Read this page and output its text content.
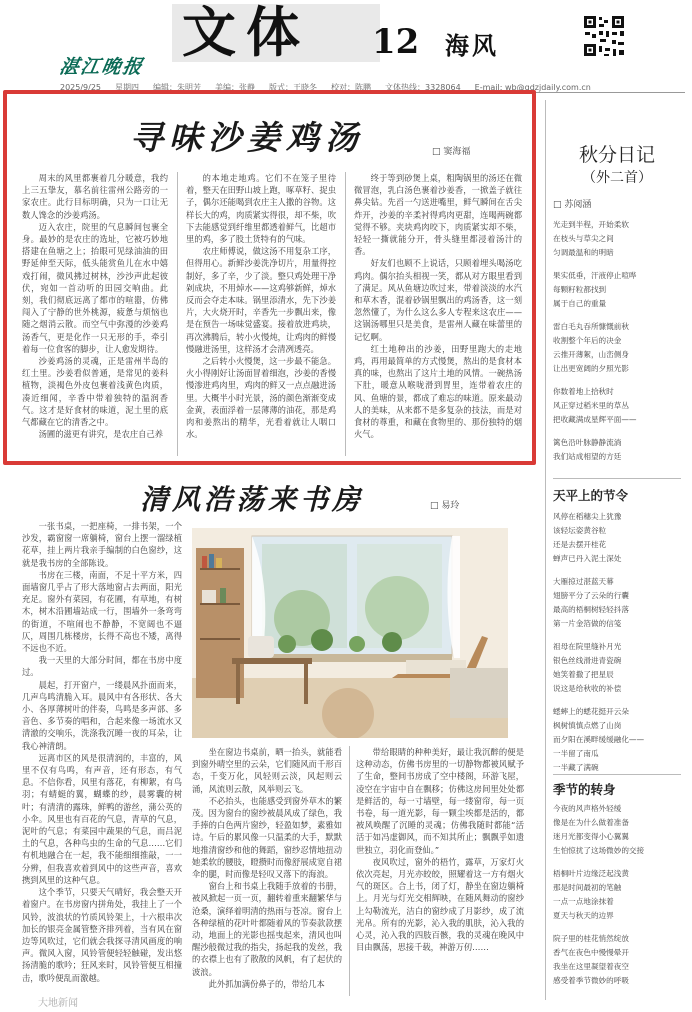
文体 12 海风
湛江晚报
2025/9/25 星期四 编辑：朱明芳 美编：张静 版式：王晓冬 校对：陈鹏 文体热线：3328064 E-mail: wb@gdzjdaily.com.cn
寻味沙姜鸡汤	□ 窦海福

周末的风里都裹着几分暖意，我约上三五挚友，慕名前往雷州公路旁的一家农庄。此行目标明确，只为一口让无数人馋念的沙姜鸡汤。

迈入农庄，院里的气息瞬间包裹全身。最妙的是农庄的选址，它被巧妙地搭建在鱼塘之上；抬眼可见绿油油的田野延伸至天际，低头能赏鱼儿在水中嬉戏打闹，微风拂过树林，沙沙声此起彼伏，宛如一首动听的田园交响曲。此刻，我们彻底远离了都市的喧嚣，仿佛闯入了宁静的世外桃源，疲惫与烦恼也随之烟消云散。而空气中弥漫的沙姜鸡汤香气，更是化作一只无形的手，牵引着每一位食客的脚步，让人愈发期待。

沙姜鸡汤的灵魂，正是雷州半岛的红土里。沙姜看似普通，是常见的姜科植物，淡褐色外皮包裹着浅黄色肉质，凑近细闻，辛香中带着独特的温润香气。这才是好食材的味道，泥土里的底气都藏在它的清香之中。

汤圃的滋更有讲究，是农庄自己养

的本地走地鸡。它们不在笼子里待着，整天在田野山坡上跑，啄草籽、捉虫子，偶尔还能喝到农庄主人撒的谷物。这样长大的鸡，肉质紧实得很，却不柴，吹下去能感觉到纤维里都透着鲜气，比超市里的鸡，多了股土货特有的气味。

农庄师傅说，做这汤不用复杂工序，但得用心。新鲜沙姜洗净切片，用量得控制好，多了辛，少了淡。整只鸡处理干净剁成块，不用焯水——这鸡够新鲜，焯水反而会夺走本味。锅里添清水，先下沙姜片，大火烧开时，辛香先一步飘出来，像是在预告一场味觉盛宴。接着放进鸡块，再次沸腾后，转小火慢炖，让鸡肉的鲜慢慢融进汤里，这样汤才会清冽透亮。

之后转小火慢煲，这一步最不能急。火小得刚好让汤面冒着细泡，沙姜的香慢慢渗进鸡肉里，鸡肉的鲜又一点点融进汤里。大概半小时光景，汤的颜色渐渐变成金黄，表面浮着一层薄薄的油花，那是鸡肉和姜熬出的精华，光看着就让人咽口水。

终于等到砂煲上桌，粗陶锅里的汤还在微微冒泡，乳白汤色裹着沙姜香，一掀盖子就往鼻尖钻。先舀一勺送进嘴里，鲜气瞬间在舌尖炸开，沙姜的辛柔衬得鸡肉更甜，连喝两碗都觉得不够。夹块鸡肉咬下，肉质紧实却不柴，轻轻一撕就能分开，骨头缝里都浸着汤汁的香。

好友们也顾不上说话，只顾着埋头喝汤吃鸡肉。偶尔抬头相视一笑，都从对方眼里看到了满足。风从鱼塘边吹过来，带着淡淡的水汽和草木香，混着砂锅里飘出的鸡汤香，这一刻忽然懂了，为什么这么多人专程来这农庄——这锅汤哪里只是美食，是雷州人藏在味蕾里的记忆啊。

红土地种出的沙姜，田野里跑大的走地鸡，再用最简单的方式慢煲，熬出的是食材本真的味，也熬出了这片土地的风情。一碗热汤下肚，暖意从喉咙滑到胃里，连带着农庄的风、鱼塘的景，都成了难忘的味道。原来最动人的美味，从来都不是多复杂的技法，而是对食材的尊重，和藏在食物里的、那份独特的烟火气。

秋分日记
（外二首）
□ 苏阅涵
光走到半程，开始柔软
在枝头与草尖之间
匀调最温和的明暗
果实低垂，汗液停止喧哗
每颗籽粒都找到
属于自己的重量
雷白毛丸吞所慷慨前秋
收割整个年后的决金
云推开薄絮，山峦侧身
让出更宽阔的夕照光影
你数着地上拾秋时
风正穿过稻米里的草丛
把收藏满成星辉平面——
篱色沿叶脉静静流淌
我们站成相望的方廷
天平上的节令
风停在稻穗尖上犹豫
该轻坛姿黄谷粒
还是去摆开桂花
蝉声已丹入泥土深处
大雁掠过湛蓝天幕
翅膀平分了云朵的行囊
最高的梧桐树轻轻抖落
第一片金箔做的信笺
祖母在院里缝补月光
银色丝线滑进青瓷碗
她笑着撒了把星辰
说这是给秋收的补偿
蟋蟀上的蟋花挺开云朵
枫树慎慎点燃了山岗
而夕阳在溪畔缓缓融化——
一半留了南瓜
一半藏了满碗
季节的转身
今夜的风声格外轻缓
像是在为什么做着准备
迷月光都变得小心翼翼
生怕惊扰了这场微妙的交接
梧桐叶片边缘泛起浅黄
那是时间最初的笔触
一点一点地涂抹着
夏天与秋天的边界
院子里的桂花悄然绽放
香气在夜色中慢慢晕开
我坐在这里凝望着夜空
感受着季节微妙的呼吸
清风浩荡来书房	□ 易玲

一张书桌，一把座椅，一排书架，一个沙发，霸窗窗一席躺椅，窗台上摆一溜绿植花草，挂上两片我亲手编制的白色窗纱，这就是我书房的全部陈设。

书房在三楼，南面，不足十平方米，四面墙窗几乎占了形大落地窗占去两面，阳光充足。窗外有菜园，有花圃，有草地，有树木，树木沿圃墙站成一行，围墙外一条弯弯的街道，不喧闹也不静静，不宽阔也不逼仄，周围几栋楼房，长得不高也不矮，离得不远也不近。

我一天里的大部分时间，都在书房中度过。

晨起，打开窗户，一缕晨风扑面而来，几声鸟鸣清脆入耳。晨风中有各形状、各大小、各厚薄树叶的伴奏，鸟鸣是多声部、多音色、多节奏的唱和，合起来像一场流水又清澈的交响乐，洗涤我沉睡一夜的耳朵，让我心神清朗。

远离市区的风是很清润的，丰富的，风里不仅有鸟鸣，有声音，还有形态，有气息。不信你看，风里有落花，有柳絮，有鸟羽；有蜻蜓的翼，蝴蝶的纱，晨雾囊的树叶；有清清的露珠，鲜鸭的游丝，蒲公英的小伞。风里也有百花的气息，青草的气息，泥叶的气息；有菜园中蔬果的气息，而吕泥土的气息，各种鸟虫的生命的气息……它们有机地融合在一起，我不能细细推敲，一一分辨，但我喜欢着到风中的这些声音，喜欢携到风里的这种气息。

这个季节，只要天气晴好，我会整天开着窗户。在书房窗内拼角处，我挂上了一个风铃，波浪状的竹质风铃架上，十六根串次加长的银亮金属管整齐排列着，当有风在窗边等风吹过，它们就会我探寻清风画度的响声。微风入窗，风铃管便轻轻触碰，发出悠扬清脆的歌吟；狂风来时，风铃管便互相撞击，歌吟便乱而激越。

坐在窗边书桌前，晒一抬头，就能看到窗外晴空里的云朵，它们随风而千形百态，千变万化，风轻则云淡，风起则云涌，风流则云散，风举则云飞。

不必抬头，也能感受到窗外草木的繁茂。因为窗台的窗纱被晨风成了绿色，我手捧的白色两片窗纱，轻盈如梦，素雅如诗。午后的累风像一只温柔的大手，默默地推清窗纱和他的舞蹈，窗纱忍情地扭动她柔软的腰肢，瞪攒时而像舒展成宽自裙伞的腿，时而像是轻叹又落下的海浪。

窗台上和书桌上我随手放着的书册，被风掀起一页一页，翻转着重来翻繁华与沧桑，演绎着明清的热雨与苍凉。窗台上各种绿植的花叶叶都随着风的节奏款款摆动，地面上的光影也摇曳起来，清风也叫醒沙般微过我的指尖，扬起我的发丝，我的衣襟上也有了散散的风帆，有了起伏的波浪。

此外抓加满份鼻子的，带给几本

带给眼睛的种种美好，最让我沉醉的便是这种动态，仿佛书房里的一切静物都被风赋予了生命，整间书房成了空中楼阁，环游飞屋，凌空在宇宙中自在飘移；仿佛这房间里处处都是鲜活的，每一寸墙壁，每一缕窗帘，每一页书卷，每一道光影，每一颗尘埃都是活的，都被风唤醒了沉睡的灵魂；仿佛我随时都能“活活于如冯虚御风，而不知其所止；飘飘乎如遗世独立，羽化而登仙。”

夜风吹过，窗外的梧竹，露草，万家灯火依次亮起，月光亦皎皎，照耀着这一方有烟火气的斑区。合上书，闭了灯，静坐在窗边躺椅上。月光与灯光交相辉映，在随风舞动的窗纱上勾勒流光，洁白的窗纱成了月影纱，成了流光帛。所有的光影，沁入我的肌肤，沁入我的心灵，沁入我的四肢百骸，我的灵魂在晚风中目由飘荡，思接千载，神游万仞……

大地新闻
